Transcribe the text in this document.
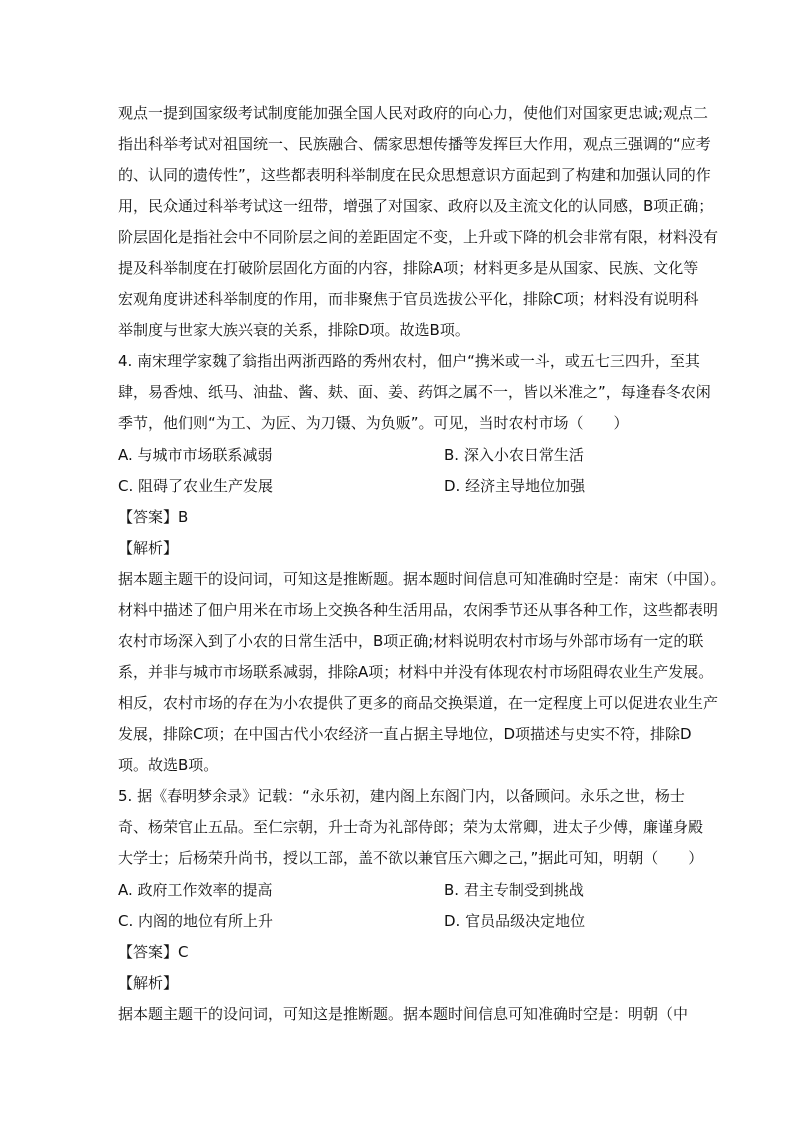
观点一提到国家级考试制度能加强全国人民对政府的向心力，使他们对国家更忠诚;观点二
指出科举考试对祖国统一、民族融合、儒家思想传播等发挥巨大作用，观点三强调的“应考
的、认同的遗传性”，这些都表明科举制度在民众思想意识方面起到了构建和加强认同的作
用，民众通过科举考试这一纽带，增强了对国家、政府以及主流文化的认同感，B项正确；
阶层固化是指社会中不同阶层之间的差距固定不变，上升或下降的机会非常有限，材料没有
提及科举制度在打破阶层固化方面的内容，排除A项；材料更多是从国家、民族、文化等
宏观角度讲述科举制度的作用，而非聚焦于官员选拔公平化，排除C项；材料没有说明科
举制度与世家大族兴衰的关系，排除D项。故选B项。
4. 南宋理学家魏了翁指出两浙西路的秀州农村，佃户“携米或一斗，或五七三四升，至其
肆，易香烛、纸马、油盐、酱、麸、面、姜、药饵之属不一，皆以米准之”，每逢春冬农闲
季节，他们则“为工、为匠、为刀镊、为负贩”。可见，当时农村市场（　　）
A. 与城市市场联系减弱	B. 深入小农日常生活
C. 阻碍了农业生产发展	D. 经济主导地位加强
【答案】B
【解析】
据本题主题干的设问词，可知这是推断题。据本题时间信息可知准确时空是：南宋（中国）。
材料中描述了佃户用米在市场上交换各种生活用品，农闲季节还从事各种工作，这些都表明
农村市场深入到了小农的日常生活中，B项正确;材料说明农村市场与外部市场有一定的联
系，并非与城市市场联系减弱，排除A项；材料中并没有体现农村市场阻碍农业生产发展。
相反，农村市场的存在为小农提供了更多的商品交换渠道，在一定程度上可以促进农业生产
发展，排除C项；在中国古代小农经济一直占据主导地位，D项描述与史实不符，排除D
项。故选B项。
5. 据《春明梦余录》记载：“永乐初，建内阁上东阁门内，以备顾问。永乐之世，杨士
奇、杨荣官止五品。至仁宗朝，升士奇为礼部侍郎；荣为太常卿，进太子少傅，廉谨身殿
大学士；后杨荣升尚书，授以工部，盖不欲以兼官压六卿之己，”据此可知，明朝（　　）
A. 政府工作效率的提高	B. 君主专制受到挑战
C. 内阁的地位有所上升	D. 官员品级决定地位
【答案】C
【解析】
据本题主题干的设问词，可知这是推断题。据本题时间信息可知准确时空是：明朝（中
